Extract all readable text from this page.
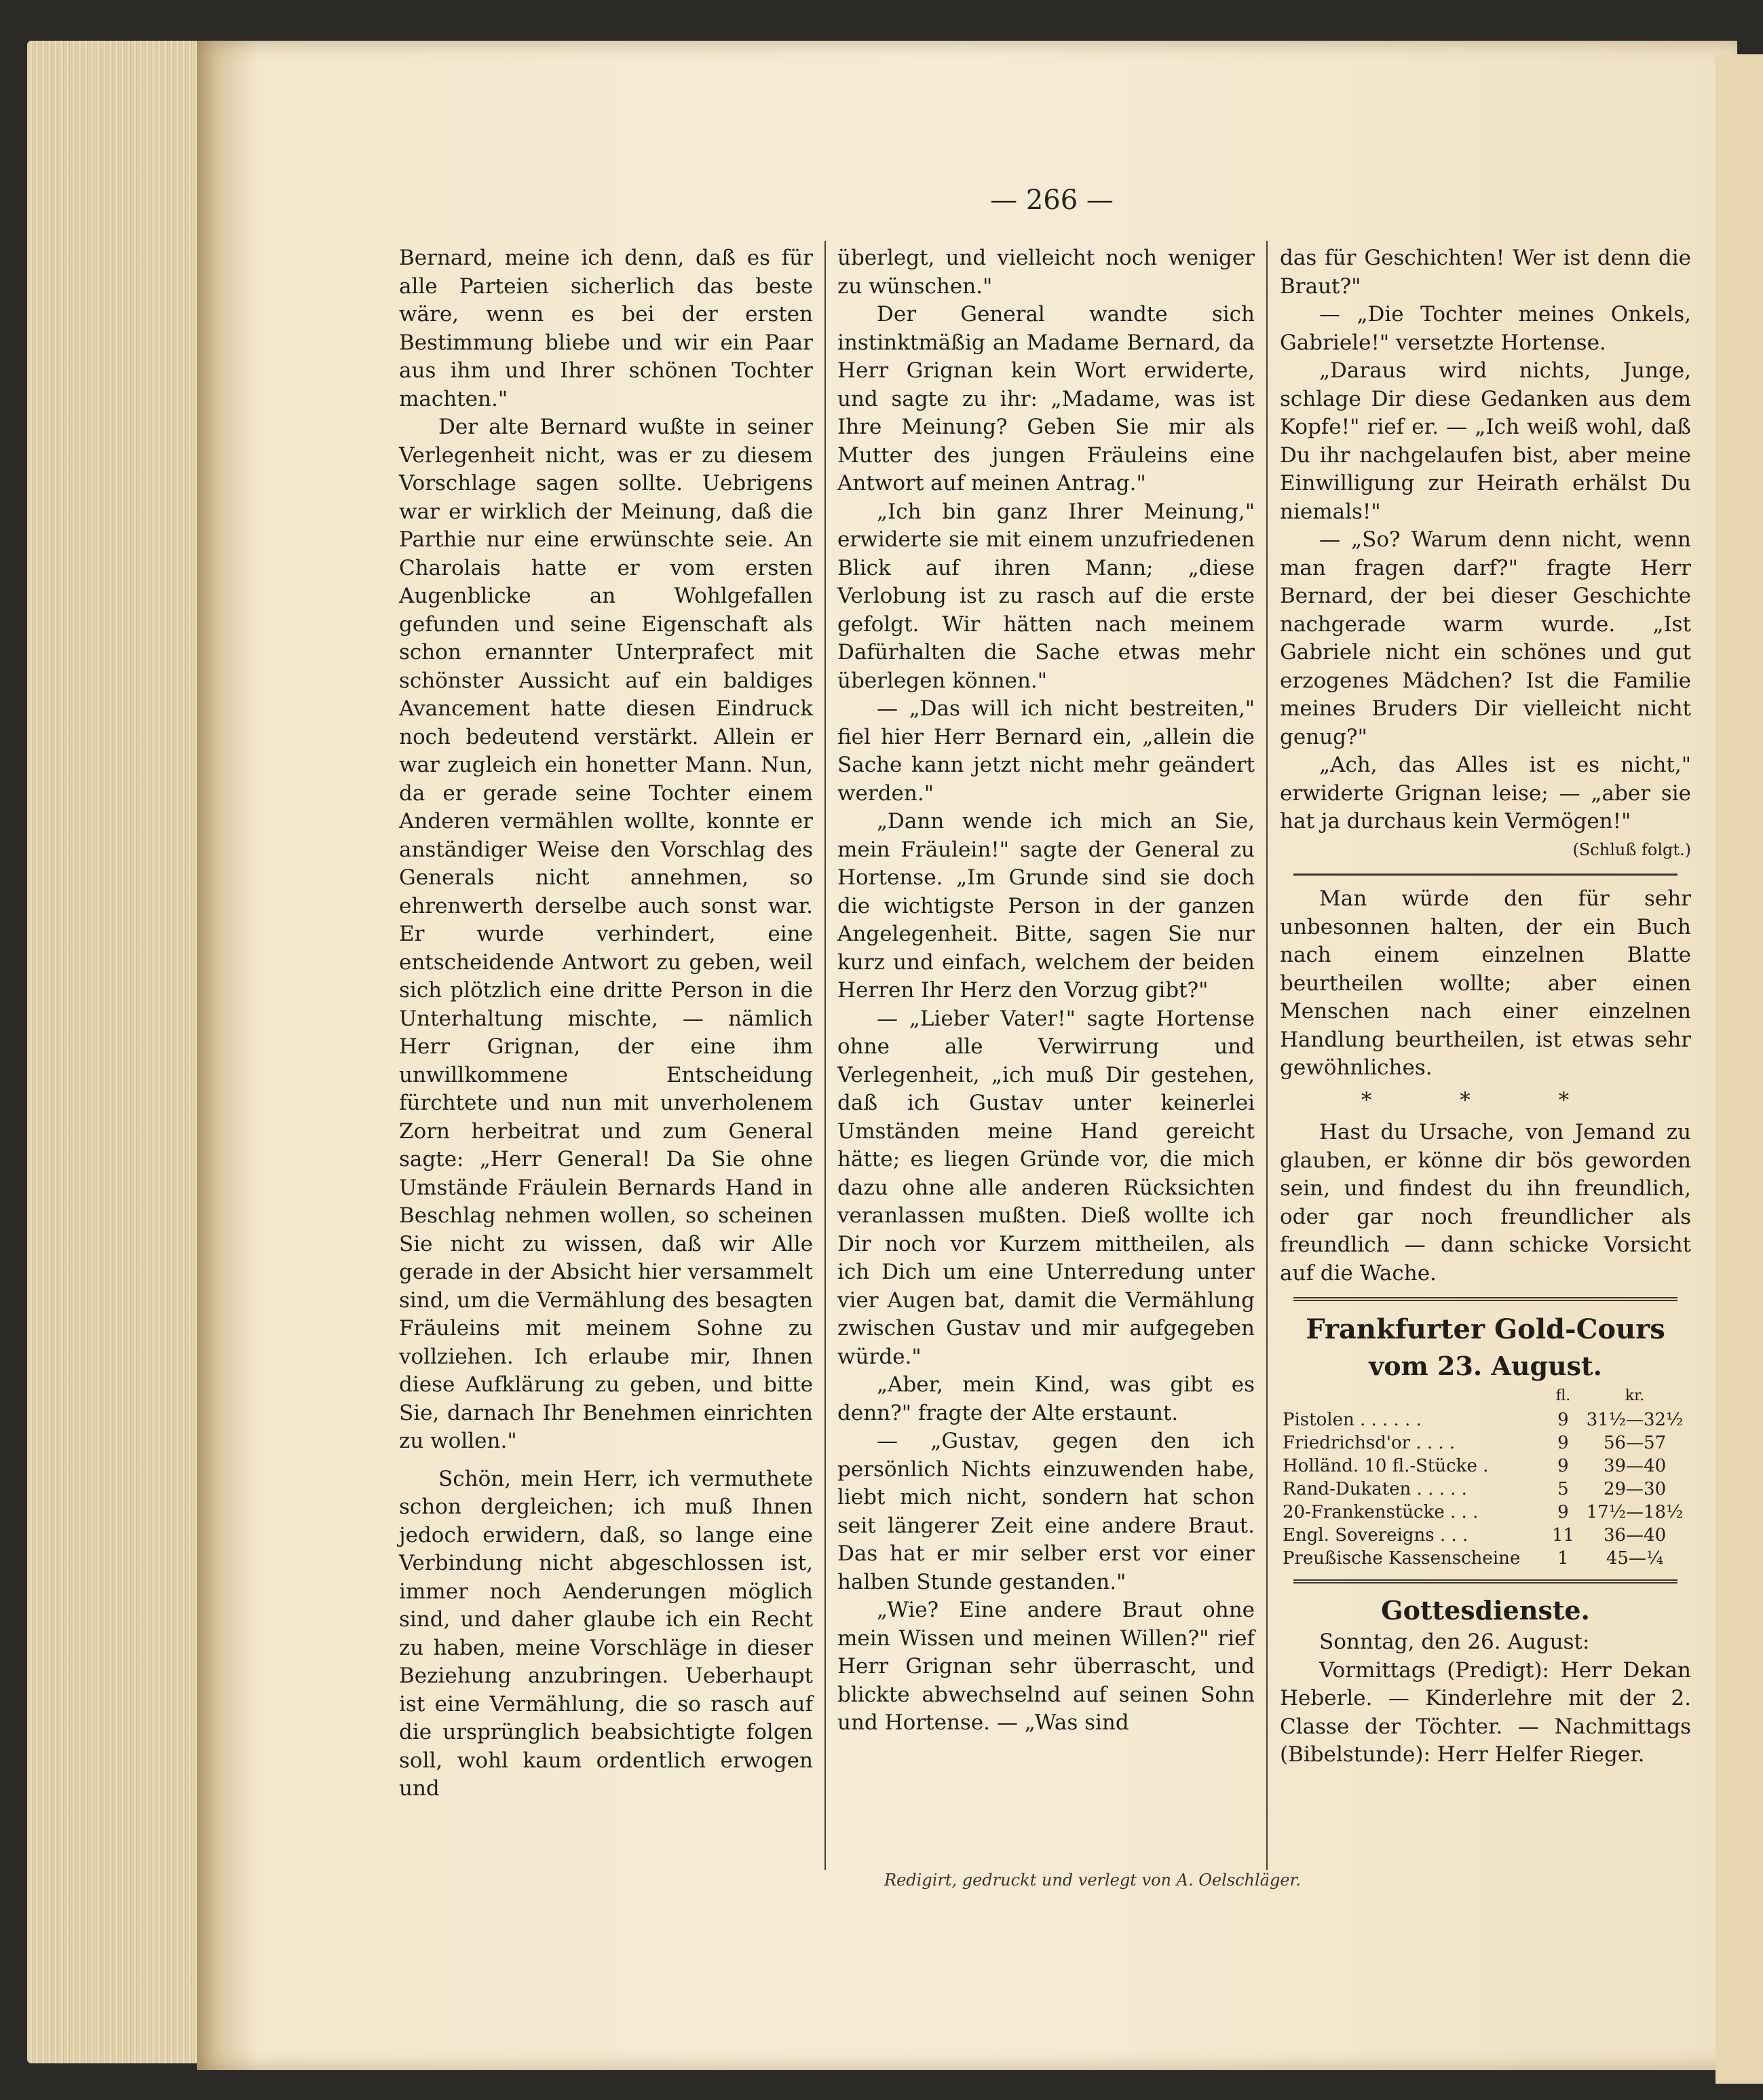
— 266 —

Bernard, meine ich denn, daß es für alle Parteien sicherlich das beste wäre, wenn es bei der ersten Bestimmung bliebe und wir ein Paar aus ihm und Ihrer schönen Tochter machten."

Der alte Bernard wußte in seiner Verlegenheit nicht, was er zu diesem Vorschlage sagen sollte. Uebrigens war er wirklich der Meinung, daß die Parthie nur eine erwünschte seie. An Charolais hatte er vom ersten Augenblicke an Wohlgefallen gefunden und seine Eigenschaft als schon ernannter Unterprafect mit schönster Aussicht auf ein baldiges Avancement hatte diesen Eindruck noch bedeutend verstärkt. Allein er war zugleich ein honetter Mann. Nun, da er gerade seine Tochter einem Anderen vermählen wollte, konnte er anständiger Weise den Vorschlag des Generals nicht annehmen, so ehrenwerth derselbe auch sonst war. Er wurde verhindert, eine entscheidende Antwort zu geben, weil sich plötzlich eine dritte Person in die Unterhaltung mischte, — nämlich Herr Grignan, der eine ihm unwillkommene Entscheidung fürchtete und nun mit unverholenem Zorn herbeitrat und zum General sagte: „Herr General! Da Sie ohne Umstände Fräulein Bernards Hand in Beschlag nehmen wollen, so scheinen Sie nicht zu wissen, daß wir Alle gerade in der Absicht hier versammelt sind, um die Vermählung des besagten Fräuleins mit meinem Sohne zu vollziehen. Ich erlaube mir, Ihnen diese Aufklärung zu geben, und bitte Sie, darnach Ihr Benehmen einrichten zu wollen."

Schön, mein Herr, ich vermuthete schon dergleichen; ich muß Ihnen jedoch erwidern, daß, so lange eine Verbindung nicht abgeschlossen ist, immer noch Aenderungen möglich sind, und daher glaube ich ein Recht zu haben, meine Vorschläge in dieser Beziehung anzubringen. Ueberhaupt ist eine Vermählung, die so rasch auf die ursprünglich beabsichtigte folgen soll, wohl kaum ordentlich erwogen und

überlegt, und vielleicht noch weniger zu wünschen."

Der General wandte sich instinktmäßig an Madame Bernard, da Herr Grignan kein Wort erwiderte, und sagte zu ihr: „Madame, was ist Ihre Meinung? Geben Sie mir als Mutter des jungen Fräuleins eine Antwort auf meinen Antrag."

„Ich bin ganz Ihrer Meinung," erwiderte sie mit einem unzufriedenen Blick auf ihren Mann; „diese Verlobung ist zu rasch auf die erste gefolgt. Wir hätten nach meinem Dafürhalten die Sache etwas mehr überlegen können."

— „Das will ich nicht bestreiten," fiel hier Herr Bernard ein, „allein die Sache kann jetzt nicht mehr geändert werden."

„Dann wende ich mich an Sie, mein Fräulein!" sagte der General zu Hortense. „Im Grunde sind sie doch die wichtigste Person in der ganzen Angelegenheit. Bitte, sagen Sie nur kurz und einfach, welchem der beiden Herren Ihr Herz den Vorzug gibt?"

— „Lieber Vater!" sagte Hortense ohne alle Verwirrung und Verlegenheit, „ich muß Dir gestehen, daß ich Gustav unter keinerlei Umständen meine Hand gereicht hätte; es liegen Gründe vor, die mich dazu ohne alle anderen Rücksichten veranlassen mußten. Dieß wollte ich Dir noch vor Kurzem mittheilen, als ich Dich um eine Unterredung unter vier Augen bat, damit die Vermählung zwischen Gustav und mir aufgegeben würde."

„Aber, mein Kind, was gibt es denn?" fragte der Alte erstaunt.

— „Gustav, gegen den ich persönlich Nichts einzuwenden habe, liebt mich nicht, sondern hat schon seit längerer Zeit eine andere Braut. Das hat er mir selber erst vor einer halben Stunde gestanden."

„Wie? Eine andere Braut ohne mein Wissen und meinen Willen?" rief Herr Grignan sehr überrascht, und blickte abwechselnd auf seinen Sohn und Hortense. — „Was sind

das für Geschichten! Wer ist denn die Braut?"

— „Die Tochter meines Onkels, Gabriele!" versetzte Hortense.

„Daraus wird nichts, Junge, schlage Dir diese Gedanken aus dem Kopfe!" rief er. — „Ich weiß wohl, daß Du ihr nachgelaufen bist, aber meine Einwilligung zur Heirath erhälst Du niemals!"

— „So? Warum denn nicht, wenn man fragen darf?" fragte Herr Bernard, der bei dieser Geschichte nachgerade warm wurde. „Ist Gabriele nicht ein schönes und gut erzogenes Mädchen? Ist die Familie meines Bruders Dir vielleicht nicht genug?"

„Ach, das Alles ist es nicht," erwiderte Grignan leise; — „aber sie hat ja durchaus kein Vermögen!"

(Schluß folgt.)

Man würde den für sehr unbesonnen halten, der ein Buch nach einem einzelnen Blatte beurtheilen wollte; aber einen Menschen nach einer einzelnen Handlung beurtheilen, ist etwas sehr gewöhnliches.

* * *

Hast du Ursache, von Jemand zu glauben, er könne dir bös geworden sein, und findest du ihn freundlich, oder gar noch freundlicher als freundlich — dann schicke Vorsicht auf die Wache.

Frankfurter Gold-Cours
vom 23. August.
	fl.	kr.
Pistolen . . . . . .	9	31½—32½
Friedrichsd'or . . . .	9	56—57
Holländ. 10 fl.-Stücke .	9	39—40
Rand-Dukaten . . . . .	5	29—30
20-Frankenstücke . . .	9	17½—18½
Engl. Sovereigns . . .	11	36—40
Preußische Kassenscheine	1	45—¼
Gottesdienste.

Sonntag, den 26. August:

Vormittags (Predigt): Herr Dekan Heberle. — Kinderlehre mit der 2. Classe der Töchter. — Nachmittags (Bibelstunde): Herr Helfer Rieger.

Redigirt, gedruckt und verlegt von A. Oelschläger.
